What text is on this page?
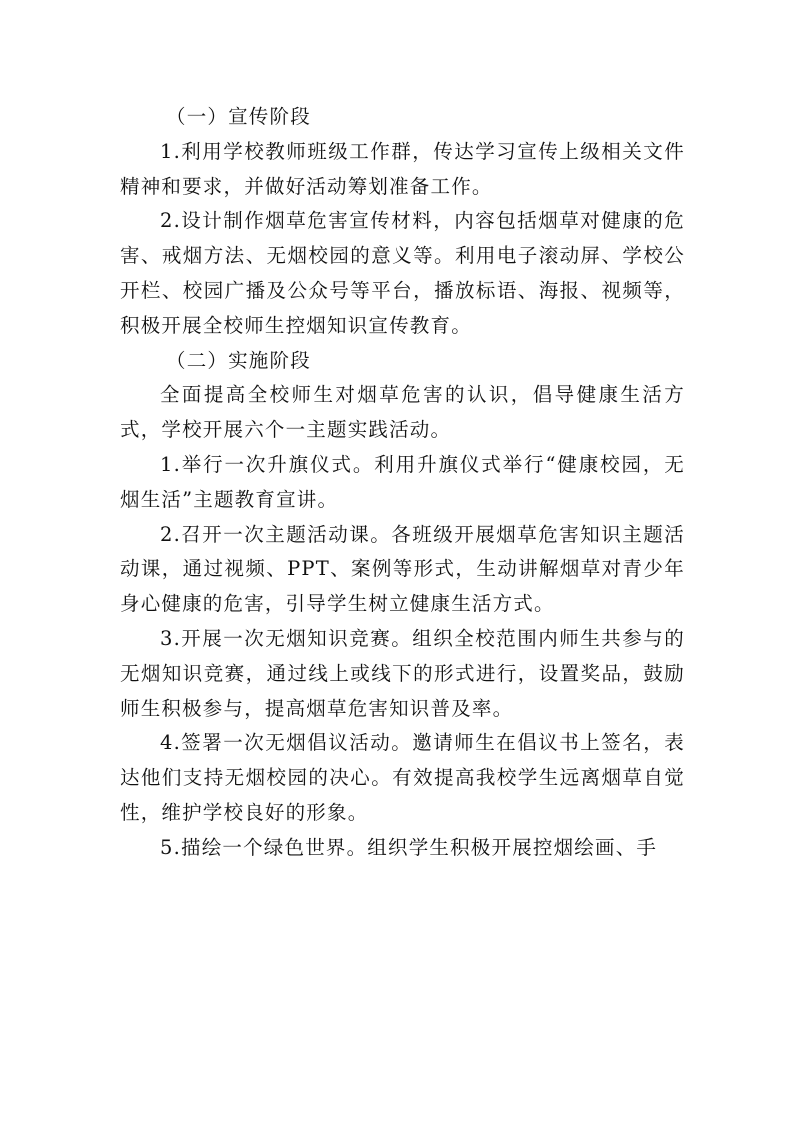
（一）宣传阶段

1.利用学校教师班级工作群，传达学习宣传上级相关文件精神和要求，并做好活动筹划准备工作。

2.设计制作烟草危害宣传材料，内容包括烟草对健康的危害、戒烟方法、无烟校园的意义等。利用电子滚动屏、学校公开栏、校园广播及公众号等平台，播放标语、海报、视频等，积极开展全校师生控烟知识宣传教育。

（二）实施阶段

全面提高全校师生对烟草危害的认识，倡导健康生活方式，学校开展六个一主题实践活动。

1.举行一次升旗仪式。利用升旗仪式举行“健康校园，无烟生活”主题教育宣讲。

2.召开一次主题活动课。各班级开展烟草危害知识主题活动课，通过视频、PPT、案例等形式，生动讲解烟草对青少年身心健康的危害，引导学生树立健康生活方式。

3.开展一次无烟知识竞赛。组织全校范围内师生共参与的无烟知识竞赛，通过线上或线下的形式进行，设置奖品，鼓励师生积极参与，提高烟草危害知识普及率。

4.签署一次无烟倡议活动。邀请师生在倡议书上签名，表达他们支持无烟校园的决心。有效提高我校学生远离烟草自觉性，维护学校良好的形象。

5.描绘一个绿色世界。组织学生积极开展控烟绘画、手
